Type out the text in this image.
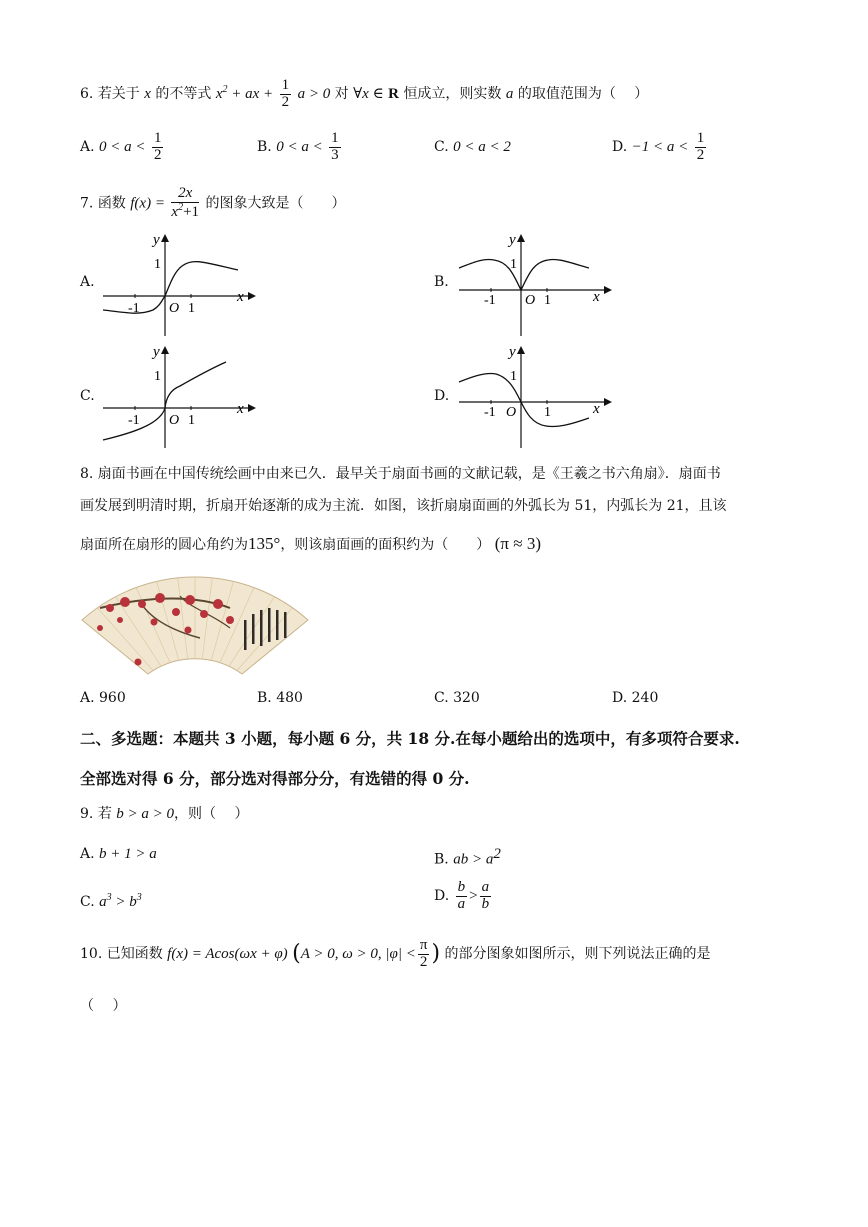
6. 若关于 x 的不等式 $x^2$ + ax + $\frac{1}{2}$ a > 0 对 ∀x ∈ R 恒成立，则实数 a 的取值范围为（　 ）
A. $0 < a < \frac{1}{2}$	B. $0 < a < \frac{1}{3}$	C. 0 < a < 2	D. $-1 < a < \frac{1}{2}$
7. 函数 $f(x) = \frac{2x}{x^2+1}$ 的图象大致是（　　）
A.
y
x
1
-1 O 1
B.
y
x
1
-1 O 1
C.
y
x
1
-1 O 1
D.
y
x
1
-1 O 1
8. 扇面书画在中国传统绘画中由来已久．最早关于扇面书画的文献记载，是《王羲之书六角扇》．扇面书
画发展到明清时期，折扇开始逐渐的成为主流．如图，该折扇扇面画的外弧长为 51，内弧长为 21，且该
扇面所在扇形的圆心角约为135°，则该扇面画的面积约为（　　） (π ≈ 3)
A. 960	B. 480	C. 320	D. 240
二、多选题：本题共 3 小题，每小题 6 分，共 18 分.在每小题给出的选项中，有多项符合要求.
全部选对得 6 分，部分选对得部分分，有选错的得 0 分.
9. 若 b > a > 0，则（　 ）
A. b + 1 > a	B. ab > $a^2$
C. $a^3 > b^3$	D. $\frac{b}{a} > \frac{a}{b}$
10. 已知函数 f(x) = Acos(ωx + φ) (A > 0, ω > 0, $|\varphi| < \frac{\pi}{2}$ ) 的部分图象如图所示，则下列说法正确的是
（　 ）
